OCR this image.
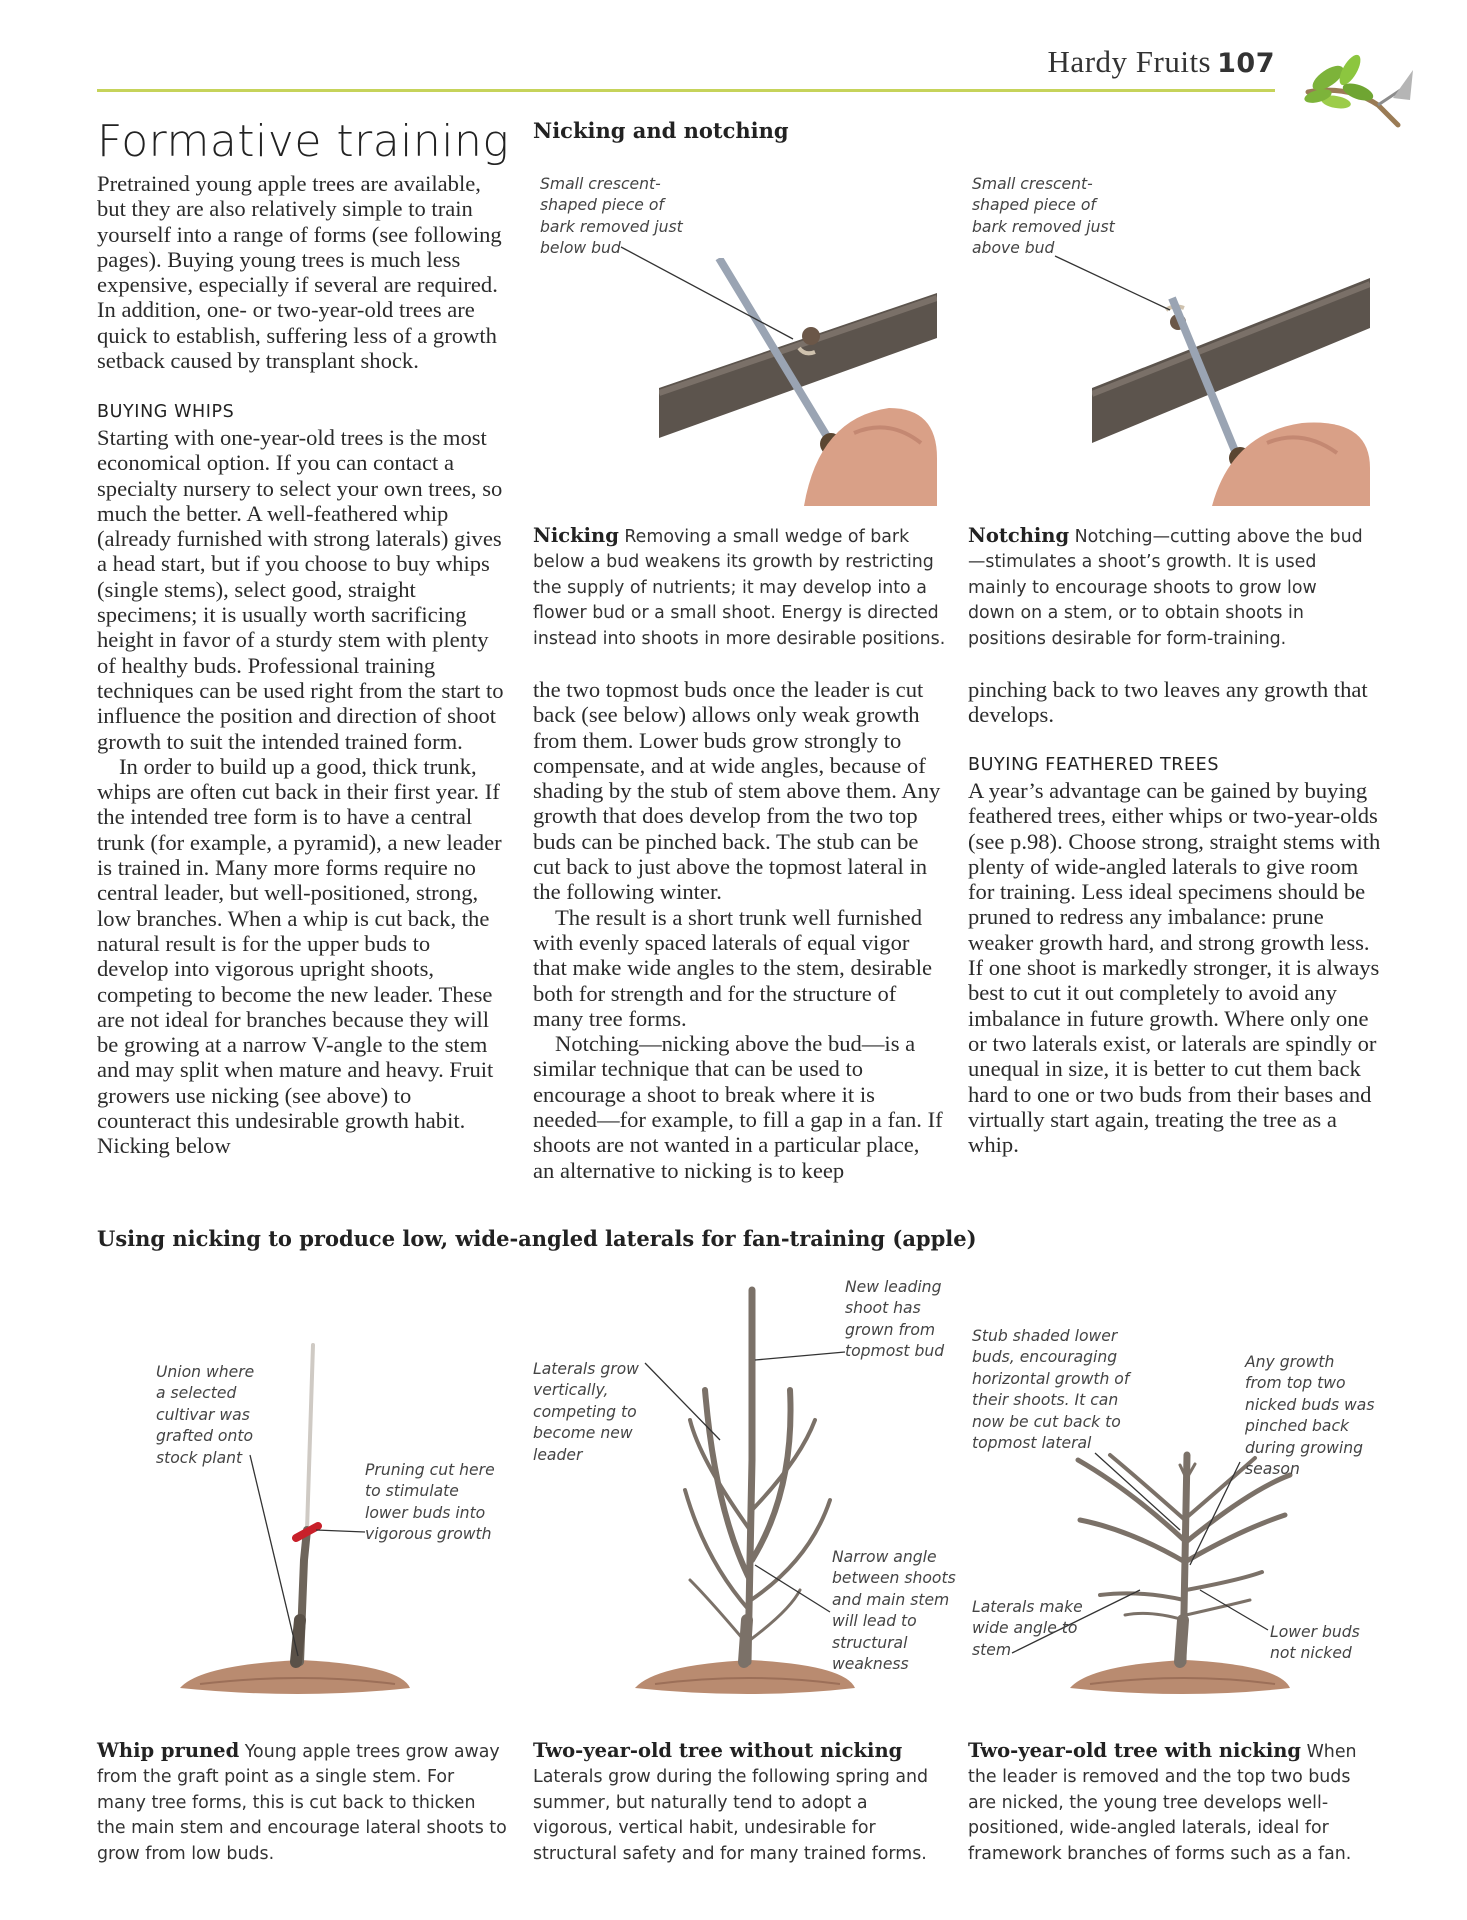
Hardy Fruits 107
Formative training

Pretrained young apple trees are available, but they are also relatively simple to train yourself into a range of forms (see following pages). Buying young trees is much less expensive, especially if several are required. In addition, one- or two-year-old trees are quick to establish, suffering less of a growth setback caused by transplant shock.

BUYING WHIPS

Starting with one-year-old trees is the most economical option. If you can contact a specialty nursery to select your own trees, so much the better. A well-feathered whip (already furnished with strong laterals) gives a head start, but if you choose to buy whips (single stems), select good, straight specimens; it is usually worth sacrificing height in favor of a sturdy stem with plenty of healthy buds. Professional training techniques can be used right from the start to influence the position and direction of shoot growth to suit the intended trained form.

In order to build up a good, thick trunk, whips are often cut back in their first year. If the intended tree form is to have a central trunk (for example, a pyramid), a new leader is trained in. Many more forms require no central leader, but well-positioned, strong, low branches. When a whip is cut back, the natural result is for the upper buds to develop into vigorous upright shoots, competing to become the new leader. These are not ideal for branches because they will be growing at a narrow V-angle to the stem and may split when mature and heavy. Fruit growers use nicking (see above) to counteract this undesirable growth habit. Nicking below

Nicking and notching
Small crescent-
shaped piece of
bark removed just
below bud
Small crescent-
shaped piece of
bark removed just
above bud
Nicking Removing a small wedge of bark below a bud weakens its growth by restricting the supply of nutrients; it may develop into a flower bud or a small shoot. Energy is directed instead into shoots in more desirable positions.
Notching Notching—cutting above the bud—stimulates a shoot’s growth. It is used mainly to encourage shoots to grow low down on a stem, or to obtain shoots in positions desirable for form-training.

the two topmost buds once the leader is cut back (see below) allows only weak growth from them. Lower buds grow strongly to compensate, and at wide angles, because of shading by the stub of stem above them. Any growth that does develop from the two top buds can be pinched back. The stub can be cut back to just above the topmost lateral in the following winter.

The result is a short trunk well furnished with evenly spaced laterals of equal vigor that make wide angles to the stem, desirable both for strength and for the structure of many tree forms.

Notching—nicking above the bud—is a similar technique that can be used to encourage a shoot to break where it is needed—for example, to fill a gap in a fan. If shoots are not wanted in a particular place, an alternative to nicking is to keep

pinching back to two leaves any growth that develops.

BUYING FEATHERED TREES

A year’s advantage can be gained by buying feathered trees, either whips or two-year-olds (see p.98). Choose strong, straight stems with plenty of wide-angled laterals to give room for training. Less ideal specimens should be pruned to redress any imbalance: prune weaker growth hard, and strong growth less. If one shoot is markedly stronger, it is always best to cut it out completely to avoid any imbalance in future growth. Where only one or two laterals exist, or laterals are spindly or unequal in size, it is better to cut them back hard to one or two buds from their bases and virtually start again, treating the tree as a whip.

Using nicking to produce low, wide-angled laterals for fan-training (apple)
Union where
a selected
cultivar was
grafted onto
stock plant
Pruning cut here
to stimulate
lower buds into
vigorous growth
Laterals grow
vertically,
competing to
become new
leader
New leading
shoot has
grown from
topmost bud
Narrow angle
between shoots
and main stem
will lead to
structural
weakness
Stub shaded lower
buds, encouraging
horizontal growth of
their shoots. It can
now be cut back to
topmost lateral
Any growth
from top two
nicked buds was
pinched back
during growing
season
Laterals make
wide angle to
stem
Lower buds
not nicked
Whip pruned Young apple trees grow away from the graft point as a single stem. For many tree forms, this is cut back to thicken the main stem and encourage lateral shoots to grow from low buds.
Two-year-old tree without nicking Laterals grow during the following spring and summer, but naturally tend to adopt a vigorous, vertical habit, undesirable for structural safety and for many trained forms.
Two-year-old tree with nicking When the leader is removed and the top two buds are nicked, the young tree develops well-positioned, wide-angled laterals, ideal for framework branches of forms such as a fan.
